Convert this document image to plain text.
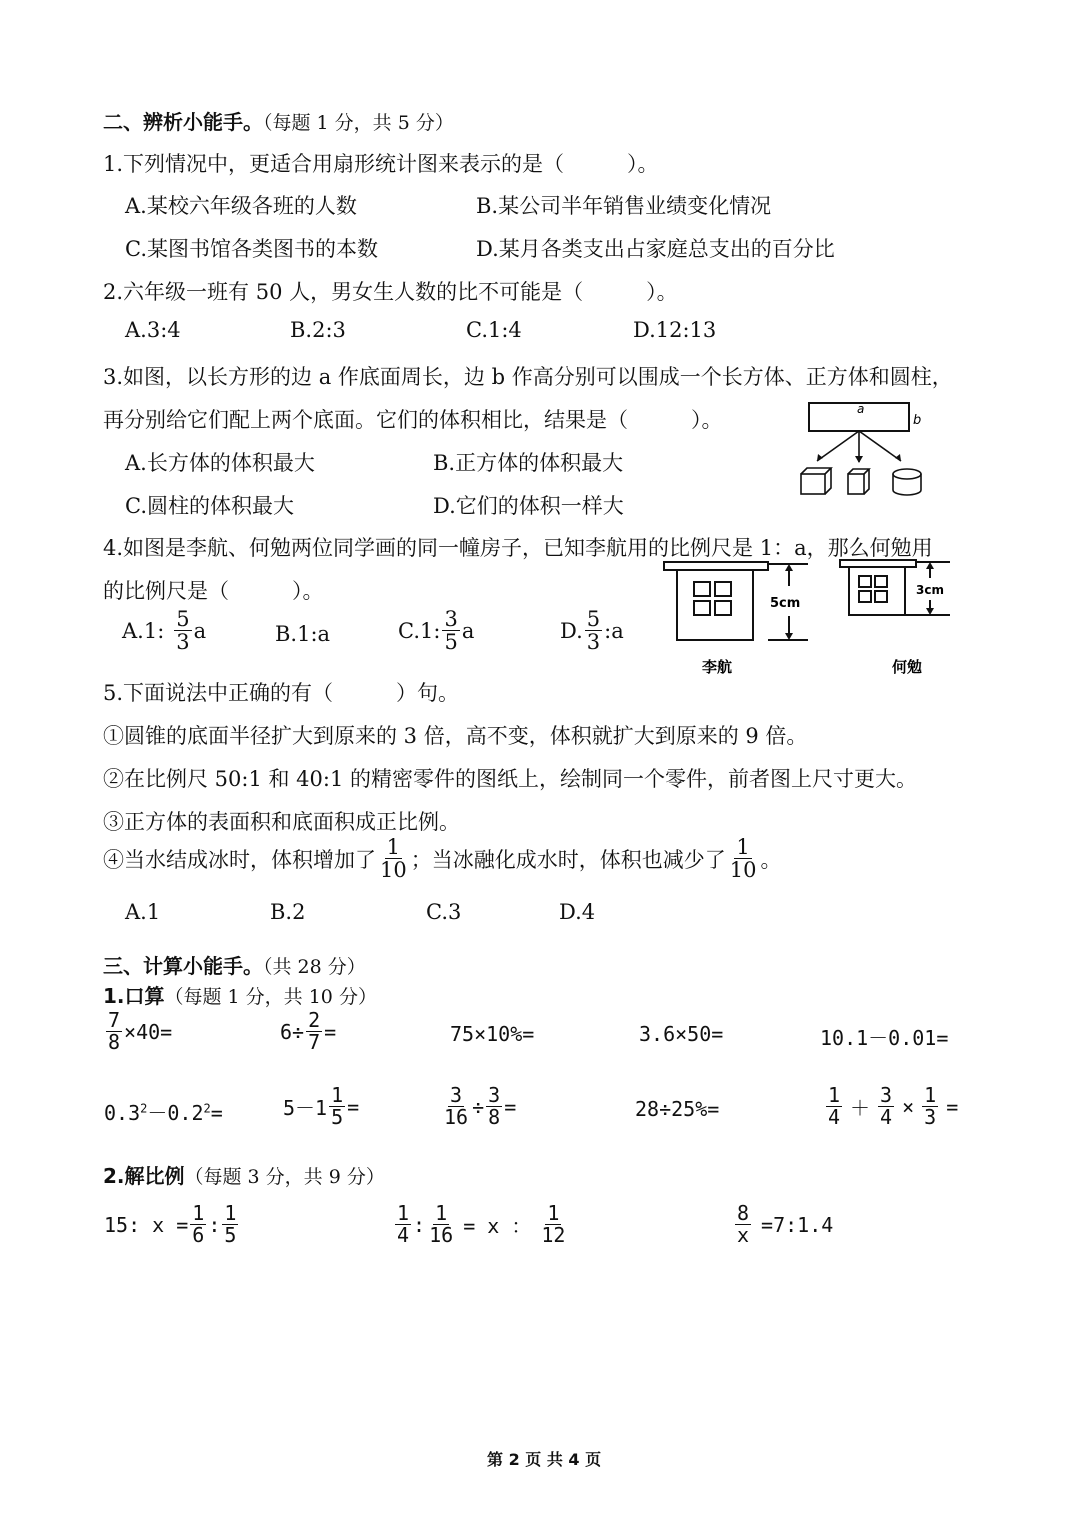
二、辨析小能手。（每题 1 分，共 5 分）
1.下列情况中，更适合用扇形统计图来表示的是（　　　）。
A.某校六年级各班的人数	B.某公司半年销售业绩变化情况
C.某图书馆各类图书的本数	D.某月各类支出占家庭总支出的百分比
2.六年级一班有 50 人，男女生人数的比不可能是（　　　）。
A.3:4	B.2:3	C.1:4	D.12:13
3.如图，以长方形的边 a 作底面周长，边 b 作高分别可以围成一个长方体、正方体和圆柱，
再分别给它们配上两个底面。它们的体积相比，结果是（　　　）。
A.长方体的体积最大	B.正方体的体积最大
C.圆柱的体积最大	D.它们的体积一样大
a
b
4.如图是李航、何勉两位同学画的同一幢房子，已知李航用的比例尺是 1：a，那么何勉用
的比例尺是（　　　）。
A.1: $\frac{5}{3}$ a	B.1:a	C.1: $\frac{3}{5}$ a	D. $\frac{5}{3}$ :a
5cm
李航
3cm
何勉
5.下面说法中正确的有（　　　）句。
①圆锥的底面半径扩大到原来的 3 倍，高不变，体积就扩大到原来的 9 倍。
②在比例尺 50:1 和 40:1 的精密零件的图纸上，绘制同一个零件，前者图上尺寸更大。
③正方体的表面积和底面积成正比例。
④当水结成冰时，体积增加了 $\frac{1}{10}$ ；当冰融化成水时，体积也减少了 $\frac{1}{10}$ 。
A.1	B.2	C.3	D.4
三、计算小能手。（共 28 分）
1.口算（每题 1 分，共 10 分）
$\frac{7}{8} \times 40=$	$6\div \frac{2}{7}$ =	75×10%=	3.6×50=	10.1－0.01=
$0.3^2-0.2^2=$	$5-1 \frac{1}{5}$ =	$\frac{3}{16} \div \frac{3}{8}$ =	28÷25%=	$\frac{1}{4} + \frac{3}{4} \times \frac{1}{3}$ =
2.解比例（每题 3 分，共 9 分）
15: $x = \frac{1}{6}$ : $\frac{1}{5}$	$\frac{1}{4}$ : $\frac{1}{16} = x$ ： $\frac{1}{12}$	$\frac{8}{x}$ =7:1.4
第 2 页 共 4 页
